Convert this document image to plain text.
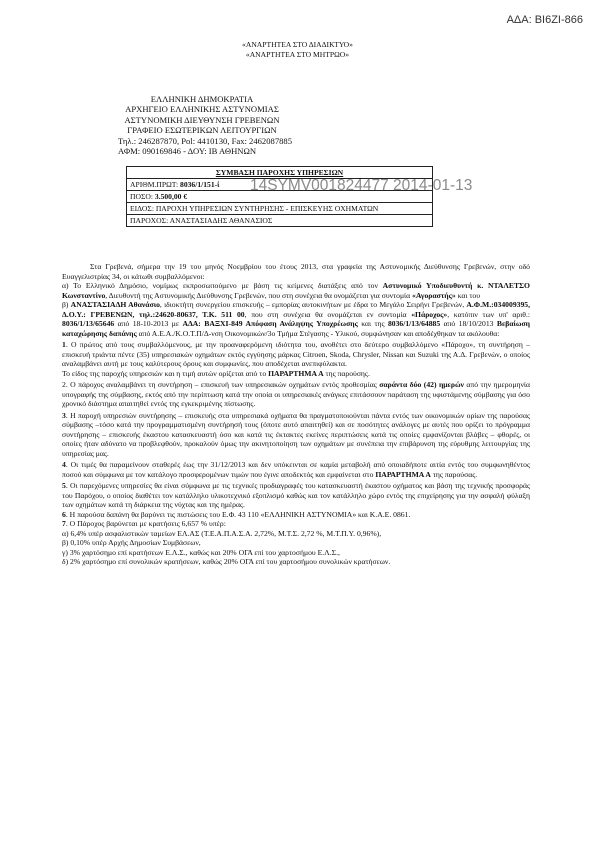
ΑΔΑ: ΒΙ6ΖΙ-866
«ΑΝΑΡΤΗΤΕΑ ΣΤΟ ΔΙΑΔΙΚΤΥΟ»
«ΑΝΑΡΤΗΤΕΑ ΣΤΟ ΜΗΤΡΩΟ»
ΕΛΛΗΝΙΚΗ ΔΗΜΟΚΡΑΤΙΑ
ΑΡΧΗΓΕΙΟ ΕΛΛΗΝΙΚΗΣ ΑΣΤΥΝΟΜΙΑΣ
ΑΣΤΥΝΟΜΙΚΗ ΔΙΕΥΘΥΝΣΗ ΓΡΕΒΕΝΩΝ
ΓΡΑΦΕΙΟ ΕΣΩΤΕΡΙΚΩΝ ΛΕΙΤΟΥΡΓΙΩΝ
Τηλ.: 246287870, Pol: 4410130, Fax: 2462087885
ΑΦΜ: 090169846 - ΔΟΥ: ΙΒ ΑΘΗΝΩΝ
ΣΥΜΒΑΣΗ ΠΑΡΟΧΗΣ ΥΠΗΡΕΣΙΩΝ
ΑΡΙΘΜ.ΠΡΩΤ: 8036/1/151-ί
ΠΟΣΟ: 3.500,00 €
ΕΙΔΟΣ: ΠΑΡΟΧΗ ΥΠΗΡΕΣΙΩΝ ΣΥΝΤΗΡΗΣΗΣ - ΕΠΙΣΚΕΥΗΣ ΟΧΗΜΑΤΩΝ
ΠΑΡΟΧΟΣ: ΑΝΑΣΤΑΣΙΑΔΗΣ ΑΘΑΝΑΣΙΟΣ
14SYMV001824477 2014-01-13

Στα Γρεβενά, σήμερα την 19 του μηνός Νοεμβρίου του έτους 2013, στα γραφεία της Αστυνομικής Διεύθυνσης Γρεβενών, στην οδό Ευαγγελιστρίας 34, οι κάτωθι συμβαλλόμενοι:

α) Το Ελληνικό Δημόσιο, νομίμως εκπροσωπούμενο με βάση τις κείμενες διατάξεις από τον Αστυνομικό Υποδιευθυντή κ. ΝΤΑΛΕΤΣΟ Κωνσταντίνο, Διευθυντή της Αστυνομικής Διεύθυνσης Γρεβενών, που στη συνέχεια θα ονομάζεται για συντομία «Αγοραστής» και του

β) ΑΝΑΣΤΑΣΙΑΔΗ Αθανάσιο, ιδιοκτήτη συνεργείου επισκευής – εμπορίας αυτοκινήτων με έδρα το Μεγάλο Σειρήνι Γρεβενών, Α.Φ.Μ.:034009395, Δ.Ο.Υ.: ΓΡΕΒΕΝΩΝ, τηλ.:24620-80637, Τ.Κ. 511 00, που στη συνέχεια θα ονομάζεται εν συντομία «Πάροχος», κατόπιν των υπ' αριθ.: 8036/1/13/65646 από 18-10-2013 με ΑΔΑ: ΒΑΞΧΙ-849 Απόφαση Ανάληψης Υποχρέωσης και της 8036/1/13/64885 από 18/10/2013 Βεβαίωση καταχώρησης δαπάνης από Α.Ε.Α./Κ.Ο.Τ.Π/Δ-νση Οικονομικών/3ο Τμήμα Στέγασης - Υλικού, συμφώνησαν και αποδέχθηκαν τα ακόλουθα:

1. Ο πρώτος από τους συμβαλλόμενους, με την προαναφερόμενη ιδιότητα του, ανοθέτει στο δεύτερο συμβαλλόμενο «Πάροχο», τη συντήρηση – επισκευή τριάντα πέντε (35) υπηρεσιακών οχημάτων εκτός εγγύησης μάρκας Citroen, Skoda, Chrysler, Nissan και Suzuki της Α.Δ. Γρεβενών, ο οποίος αναλαμβάνει αυτή με τους καλύτερους όρους και συμφωνίες, που αποδέχεται ανεπιφύλακτα.

Το είδος της παροχής υπηρεσιών και η τιμή αυτών ορίζεται από το ΠΑΡΑΡΤΗΜΑ Α της παρούσης.

2. Ο πάροχος αναλαμβάνει τη συντήρηση – επισκευή των υπηρεσιακών οχημάτων εντός προθεσμίας σαράντα δύο (42) ημερών από την ημερομηνία υπογραφής της σύμβασης, εκτός από την περίπτωση κατά την οποία οι υπηρεσιακές ανάγκες επιτάσσουν παράταση της υφιστάμενης σύμβασης για όσο χρονικό διάστημα απαιτηθεί εντός της εγκεκριμένης πίστωσης.

3. Η παροχή υπηρεσιών συντήρησης – επισκευής στα υπηρεσιακά οχήματα θα πραγματοποιούνται πάντα εντός των οικονομικών ορίων της παρούσας σύμβασης –τόσο κατά την προγραμματισμένη συντήρησή τους (όποτε αυτό απαιτηθεί) και σε ποσότητες ανάλογες με αυτές που ορίζει το πρόγραμμα συντήρησης – επισκευής έκαστου κατασκευαστή όσο και κατά τις έκτακτες εκείνες περιπτώσεις κατά τις οποίες εμφανίζονται βλάβες – φθορές, οι οποίες ήταν αδύνατο να προβλεφθούν, προκαλούν όμως την ακινητοποίηση των οχημάτων με συνέπεια την επιβάρυνση της εύρυθμης λειτουργίας της υπηρεσίας μας.

4. Οι τιμές θα παραμείνουν σταθερές έως την 31/12/2013 και δεν υπόκεινται σε καμία μεταβολή από οποιαδήποτε αιτία εντός του συμφωνηθέντος ποσού και σύμφωνα με τον κατάλογο προσφερομένων τιμών που έγινε αποδεκτός και εμφαίνεται στο ΠΑΡΑΡΤΗΜΑ Α της παρούσας.

5. Οι παρεχόμενες υπηρεσίες θα είναι σύμφωνα με τις τεχνικές προδιαγραφές του κατασκευαστή έκαστου οχήματος και βάση της τεχνικής προσφοράς του Παρόχου, ο οποίος διαθέτει τον κατάλληλο υλικοτεχνικό εξοπλισμό καθώς και τον κατάλληλο χώρο εντός της επιχείρησης για την ασφαλή φύλαξη των οχημάτων κατά τη διάρκεια της νύχτας και της ημέρας.

6. Η παρούσα δαπάνη θα βαρύνει τις πιστώσεις του Ε.Φ. 43 110 «ΕΛΛΗΝΙΚΗ ΑΣΤΥΝΟΜΙΑ» και Κ.Α.Ε. 0861.

7. Ο Πάροχος βαρύνεται με κρατήσεις 6,657 % υπέρ:

α) 6,4% υπέρ ασφαλιστικών ταμείων ΕΛ.ΑΣ (Τ.Ε.Α.Π.Α.Σ.Α. 2,72%, Μ.Τ.Σ. 2,72 %, Μ.Τ.Π.Υ. 0,96%),

β) 0,10% υπέρ Αρχής Δημοσίων Συμβάσεων,

γ) 3% χαρτόσημο επί κρατήσεων Ε.Λ.Σ., καθώς και 20% ΟΓΑ επί του χαρτοσήμου Ε.Λ.Σ.,

δ) 2% χαρτόσημο επί συνολικών κρατήσεων, καθώς 20% ΟΓΑ επί του χαρτοσήμου συνολικών κρατήσεων.
